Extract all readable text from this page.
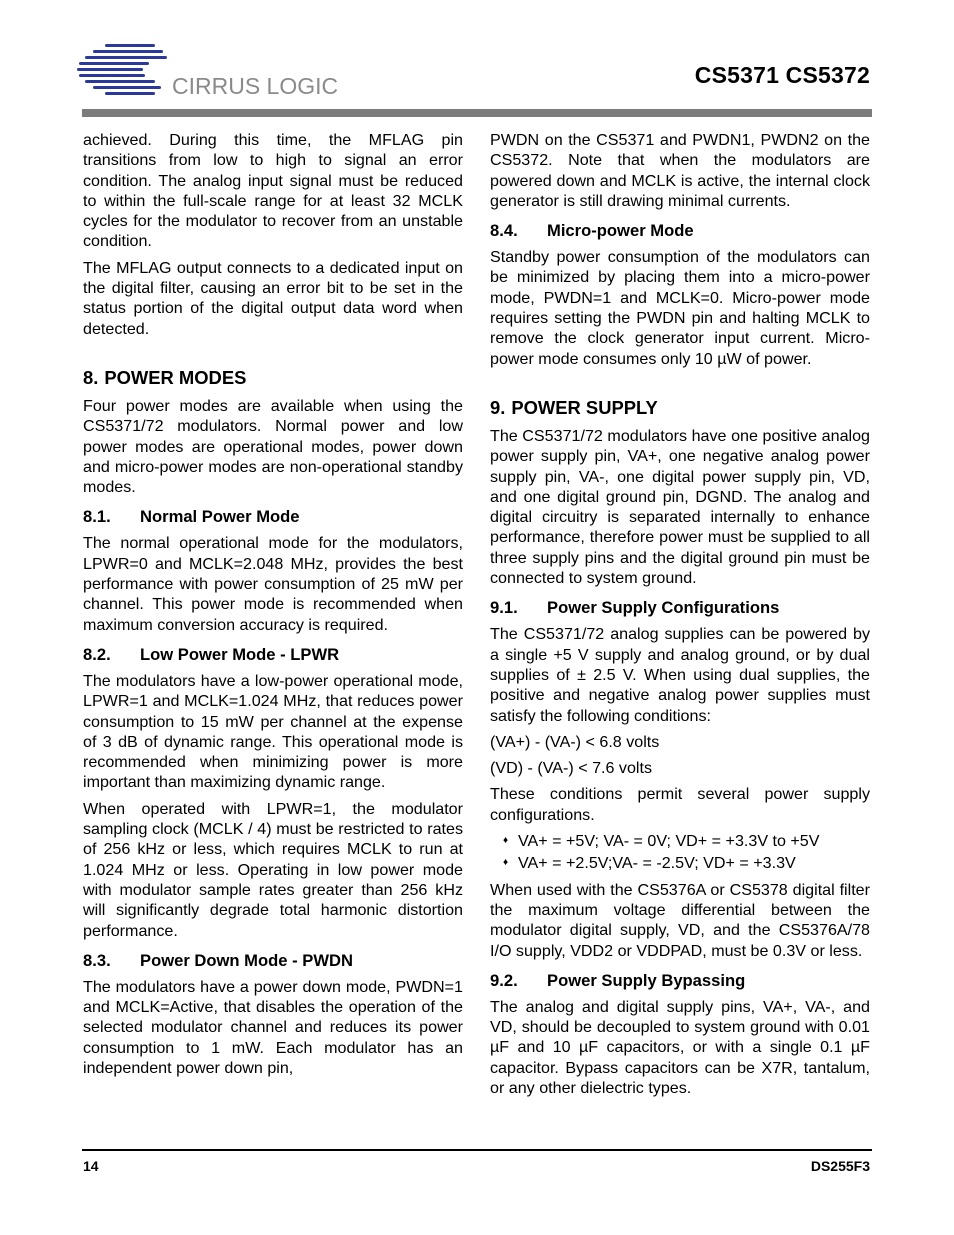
CIRRUS LOGIC	CS5371 CS5372

achieved. During this time, the MFLAG pin transitions from low to high to signal an error condition. The analog input signal must be reduced to within the full-scale range for at least 32 MCLK cycles for the modulator to recover from an unstable condition.

The MFLAG output connects to a dedicated input on the digital filter, causing an error bit to be set in the status portion of the digital output data word when detected.

8. POWER MODES

Four power modes are available when using the CS5371/72 modulators. Normal power and low power modes are operational modes, power down and micro-power modes are non-operational standby modes.

8.1. Normal Power Mode

The normal operational mode for the modulators, LPWR=0 and MCLK=2.048 MHz, provides the best performance with power consumption of 25 mW per channel. This power mode is recommended when maximum conversion accuracy is required.

8.2. Low Power Mode - LPWR

The modulators have a low-power operational mode, LPWR=1 and MCLK=1.024 MHz, that reduces power consumption to 15 mW per channel at the expense of 3 dB of dynamic range. This operational mode is recommended when minimizing power is more important than maximizing dynamic range.

When operated with LPWR=1, the modulator sampling clock (MCLK / 4) must be restricted to rates of 256 kHz or less, which requires MCLK to run at 1.024 MHz or less. Operating in low power mode with modulator sample rates greater than 256 kHz will significantly degrade total harmonic distortion performance.

8.3. Power Down Mode - PWDN

The modulators have a power down mode, PWDN=1 and MCLK=Active, that disables the operation of the selected modulator channel and reduces its power consumption to 1 mW. Each modulator has an independent power down pin,

PWDN on the CS5371 and PWDN1, PWDN2 on the CS5372. Note that when the modulators are powered down and MCLK is active, the internal clock generator is still drawing minimal currents.

8.4. Micro-power Mode

Standby power consumption of the modulators can be minimized by placing them into a micro-power mode, PWDN=1 and MCLK=0. Micro-power mode requires setting the PWDN pin and halting MCLK to remove the clock generator input current. Micro-power mode consumes only 10 µW of power.

9. POWER SUPPLY

The CS5371/72 modulators have one positive analog power supply pin, VA+, one negative analog power supply pin, VA-, one digital power supply pin, VD, and one digital ground pin, DGND. The analog and digital circuitry is separated internally to enhance performance, therefore power must be supplied to all three supply pins and the digital ground pin must be connected to system ground.

9.1. Power Supply Configurations

The CS5371/72 analog supplies can be powered by a single +5 V supply and analog ground, or by dual supplies of ± 2.5 V. When using dual supplies, the positive and negative analog power supplies must satisfy the following conditions:

(VA+) - (VA-) < 6.8 volts

(VD) - (VA-) < 7.6 volts

These conditions permit several power supply configurations.

♦ VA+ = +5V; VA- = 0V; VD+ = +3.3V to +5V
♦ VA+ = +2.5V;VA- = -2.5V; VD+ = +3.3V

When used with the CS5376A or CS5378 digital filter the maximum voltage differential between the modulator digital supply, VD, and the CS5376A/78 I/O supply, VDD2 or VDDPAD, must be 0.3V or less.

9.2. Power Supply Bypassing

The analog and digital supply pins, VA+, VA-, and VD, should be decoupled to system ground with 0.01 µF and 10 µF capacitors, or with a single 0.1 µF capacitor. Bypass capacitors can be X7R, tantalum, or any other dielectric types.

14	DS255F3
